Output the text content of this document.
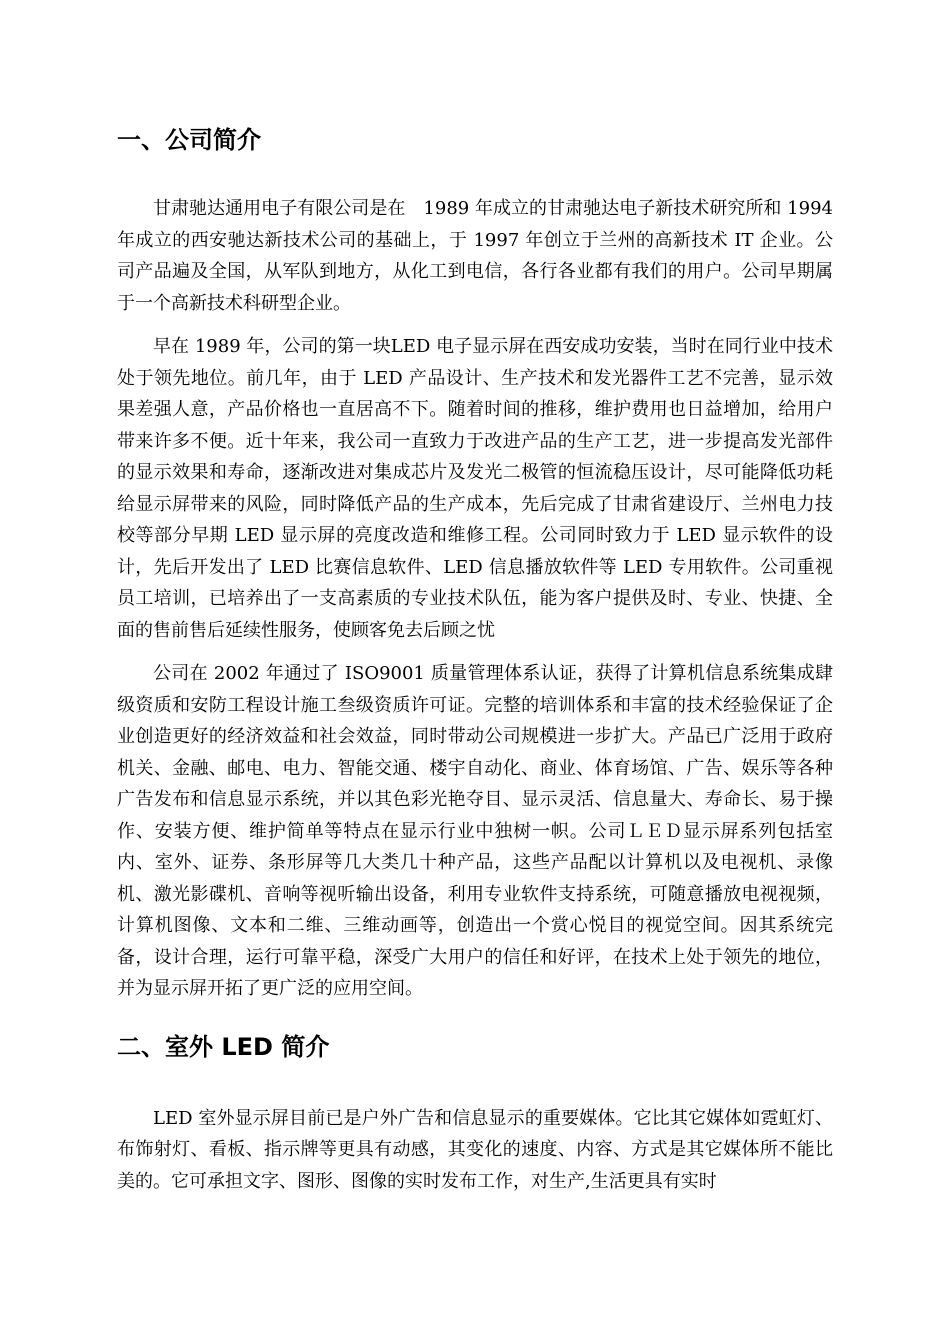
一、公司简介

甘肃驰达通用电子有限公司是在　1989 年成立的甘肃驰达电子新技术研究所和 1994 年成立的西安驰达新技术公司的基础上，于 1997 年创立于兰州的高新技术 IT 企业。公司产品遍及全国，从军队到地方，从化工到电信，各行各业都有我们的用户。公司早期属于一个高新技术科研型企业。

早在 1989 年，公司的第一块LED 电子显示屏在西安成功安装，当时在同行业中技术处于领先地位。前几年，由于 LED 产品设计、生产技术和发光器件工艺不完善，显示效果差强人意，产品价格也一直居高不下。随着时间的推移，维护费用也日益增加，给用户带来许多不便。近十年来，我公司一直致力于改进产品的生产工艺，进一步提高发光部件的显示效果和寿命，逐渐改进对集成芯片及发光二极管的恒流稳压设计，尽可能降低功耗给显示屏带来的风险，同时降低产品的生产成本，先后完成了甘肃省建设厅、兰州电力技校等部分早期 LED 显示屏的亮度改造和维修工程。公司同时致力于 LED 显示软件的设计，先后开发出了 LED 比赛信息软件、LED 信息播放软件等 LED 专用软件。公司重视员工培训，已培养出了一支高素质的专业技术队伍，能为客户提供及时、专业、快捷、全面的售前售后延续性服务，使顾客免去后顾之忧

公司在 2002 年通过了 ISO9001 质量管理体系认证，获得了计算机信息系统集成肆级资质和安防工程设计施工叁级资质许可证。完整的培训体系和丰富的技术经验保证了企业创造更好的经济效益和社会效益，同时带动公司规模进一步扩大。产品已广泛用于政府机关、金融、邮电、电力、智能交通、楼宇自动化、商业、体育场馆、广告、娱乐等各种广告发布和信息显示系统，并以其色彩光艳夺目、显示灵活、信息量大、寿命长、易于操作、安装方便、维护简单等特点在显示行业中独树一帜。公司ＬＥＤ显示屏系列包括室内、室外、证券、条形屏等几大类几十种产品，这些产品配以计算机以及电视机、录像机、激光影碟机、音响等视听输出设备，利用专业软件支持系统，可随意播放电视视频，计算机图像、文本和二维、三维动画等，创造出一个赏心悦目的视觉空间。因其系统完备，设计合理，运行可靠平稳，深受广大用户的信任和好评，在技术上处于领先的地位，并为显示屏开拓了更广泛的应用空间。

二、室外 LED 简介

LED 室外显示屏目前已是户外广告和信息显示的重要媒体。它比其它媒体如霓虹灯、布饰射灯、看板、指示牌等更具有动感，其变化的速度、内容、方式是其它媒体所不能比美的。它可承担文字、图形、图像的实时发布工作，对生产,生活更具有实时
